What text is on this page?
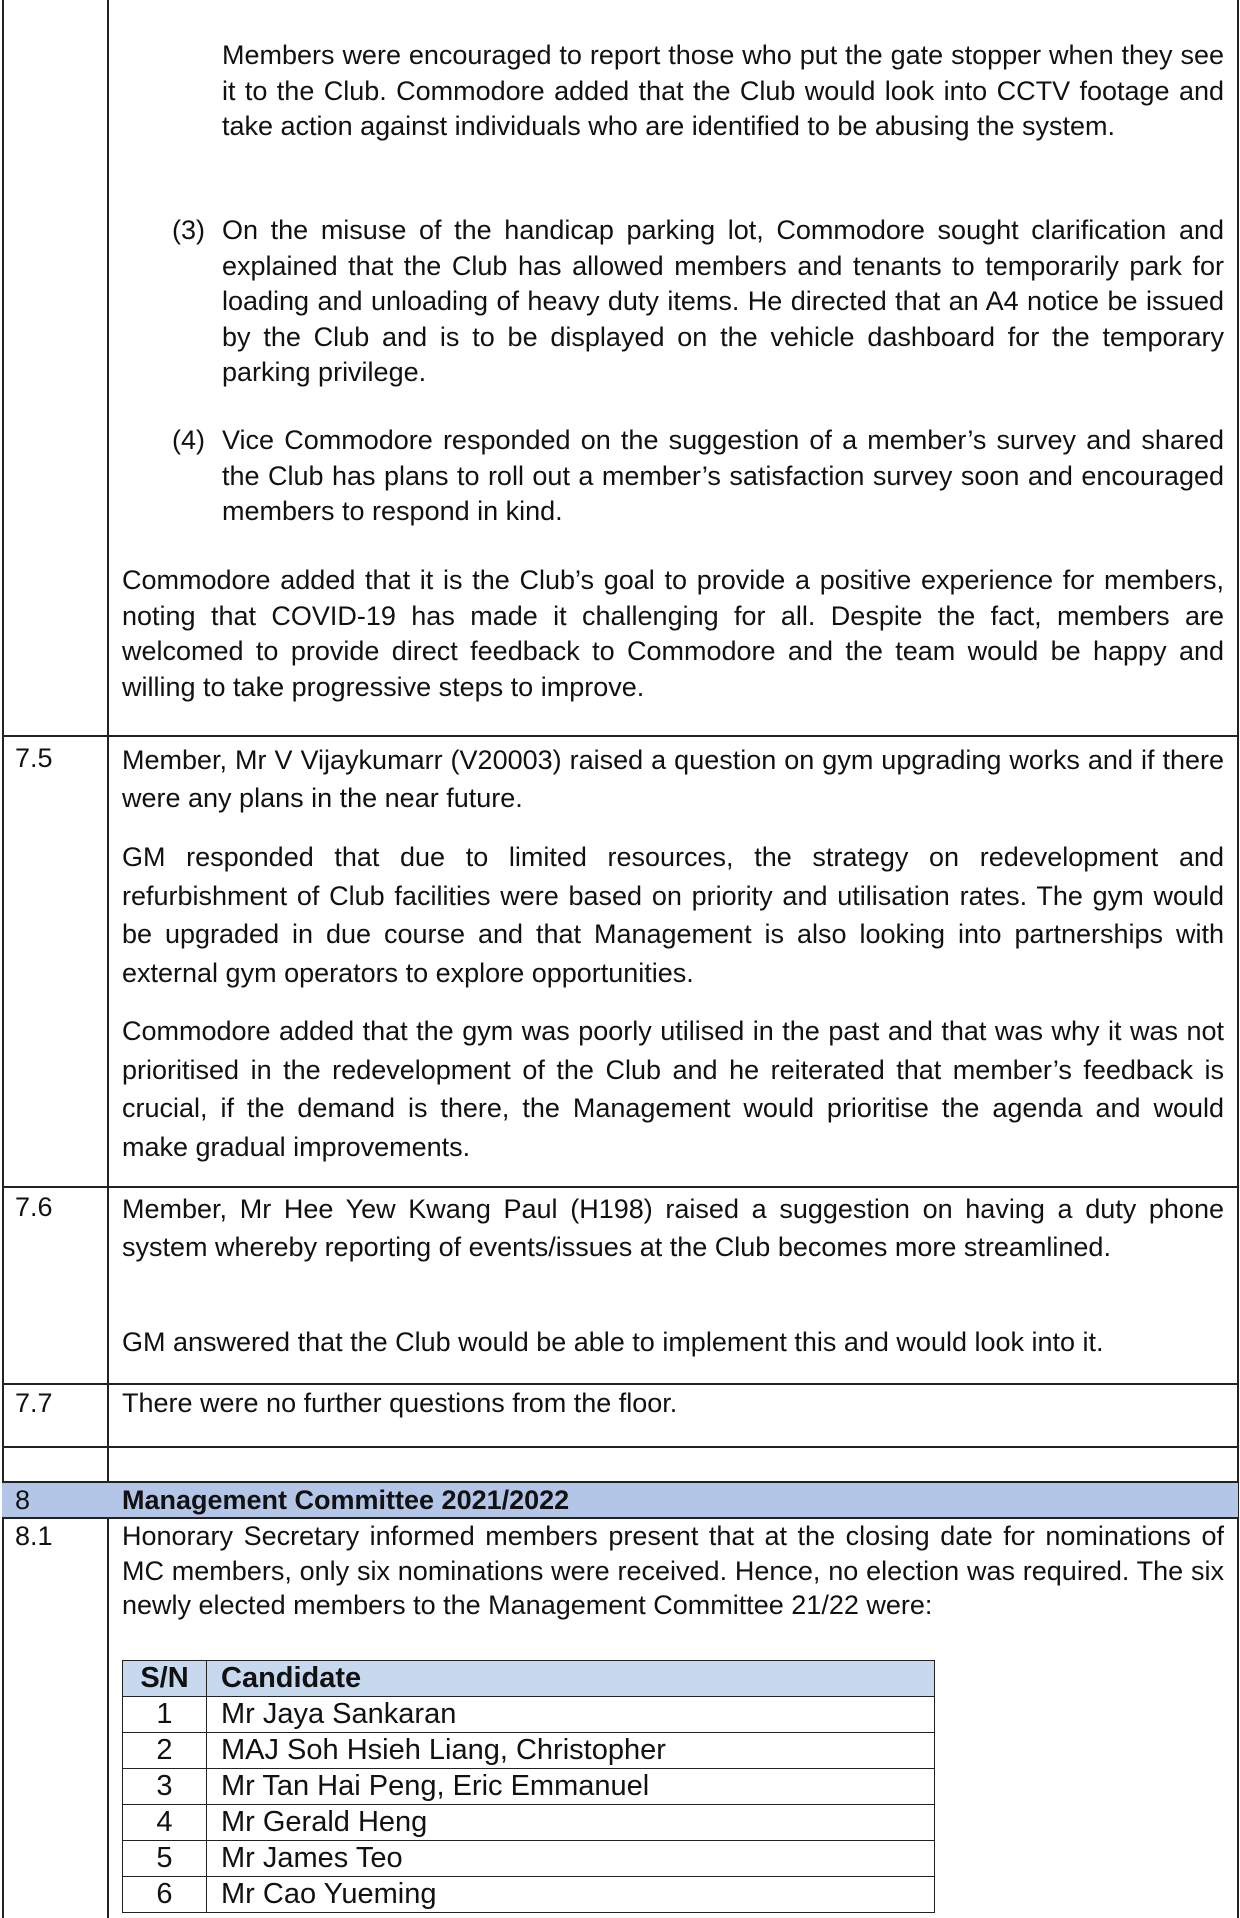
Members were encouraged to report those who put the gate stopper when they see it to the Club. Commodore added that the Club would look into CCTV footage and take action against individuals who are identified to be abusing the system.

(3) On the misuse of the handicap parking lot, Commodore sought clarification and explained that the Club has allowed members and tenants to temporarily park for loading and unloading of heavy duty items. He directed that an A4 notice be issued by the Club and is to be displayed on the vehicle dashboard for the temporary parking privilege.

(4) Vice Commodore responded on the suggestion of a member’s survey and shared the Club has plans to roll out a member’s satisfaction survey soon and encouraged members to respond in kind.

Commodore added that it is the Club’s goal to provide a positive experience for members, noting that COVID-19 has made it challenging for all. Despite the fact, members are welcomed to provide direct feedback to Commodore and the team would be happy and willing to take progressive steps to improve.

7.5	Member, Mr V Vijaykumarr (V20003) raised a question on gym upgrading works and if there were any plans in the near future.

GM responded that due to limited resources, the strategy on redevelopment and refurbishment of Club facilities were based on priority and utilisation rates. The gym would be upgraded in due course and that Management is also looking into partnerships with external gym operators to explore opportunities.

Commodore added that the gym was poorly utilised in the past and that was why it was not prioritised in the redevelopment of the Club and he reiterated that member’s feedback is crucial, if the demand is there, the Management would prioritise the agenda and would make gradual improvements.

7.6	Member, Mr Hee Yew Kwang Paul (H198) raised a suggestion on having a duty phone system whereby reporting of events/issues at the Club becomes more streamlined.

GM answered that the Club would be able to implement this and would look into it.

7.7	There were no further questions from the floor.

8	Management Committee 2021/2022
8.1	Honorary Secretary informed members present that at the closing date for nominations of MC members, only six nominations were received. Hence, no election was required. The six newly elected members to the Management Committee 21/22 were:

S/N	Candidate
1	Mr Jaya Sankaran
2	MAJ Soh Hsieh Liang, Christopher
3	Mr Tan Hai Peng, Eric Emmanuel
4	Mr Gerald Heng
5	Mr James Teo
6	Mr Cao Yueming
